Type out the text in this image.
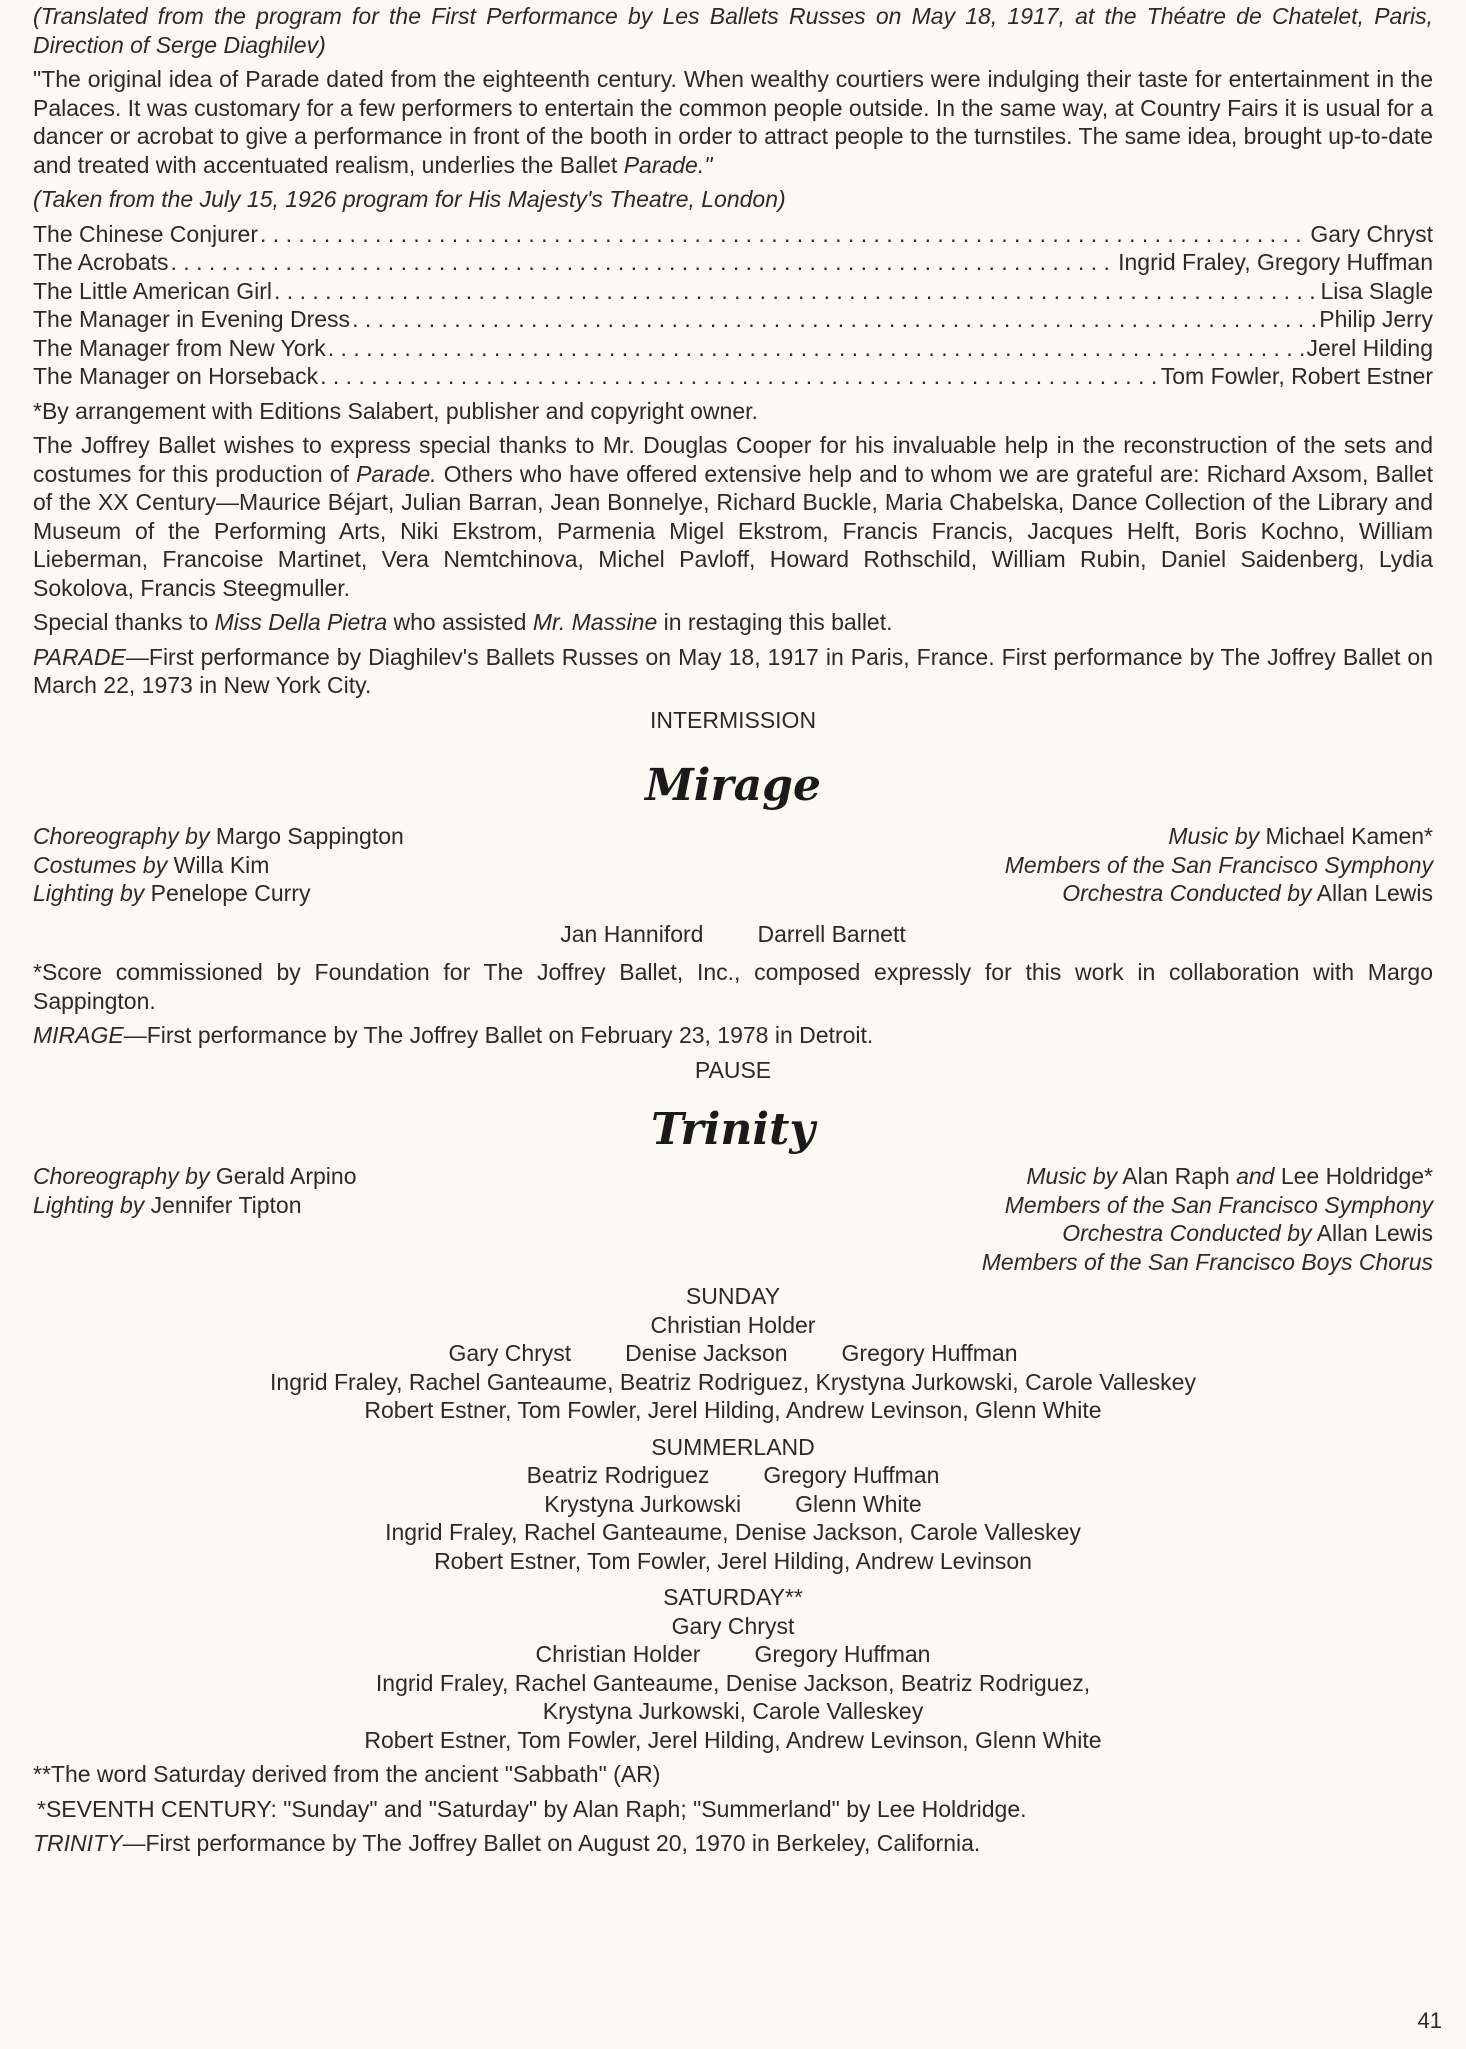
(Translated from the program for the First Performance by Les Ballets Russes on May 18, 1917, at the Théatre de Chatelet, Paris, Direction of Serge Diaghilev)

"The original idea of Parade dated from the eighteenth century. When wealthy courtiers were indulging their taste for entertainment in the Palaces. It was customary for a few performers to entertain the common people outside. In the same way, at Country Fairs it is usual for a dancer or acrobat to give a performance in front of the booth in order to attract people to the turnstiles. The same idea, brought up-to-date and treated with accentuated realism, underlies the Ballet Parade."

(Taken from the July 15, 1926 program for His Majesty's Theatre, London)

The Chinese Conjurer . . .	Gary Chryst
The Acrobats . . .	Ingrid Fraley, Gregory Huffman
The Little American Girl . . .	Lisa Slagle
The Manager in Evening Dress . . .	Philip Jerry
The Manager from New York . . .	Jerel Hilding
The Manager on Horseback . . .	Tom Fowler, Robert Estner

*By arrangement with Editions Salabert, publisher and copyright owner.

The Joffrey Ballet wishes to express special thanks to Mr. Douglas Cooper for his invaluable help in the reconstruction of the sets and costumes for this production of Parade. Others who have offered extensive help and to whom we are grateful are: Richard Axsom, Ballet of the XX Century—Maurice Béjart, Julian Barran, Jean Bonnelye, Richard Buckle, Maria Chabelska, Dance Collection of the Library and Museum of the Performing Arts, Niki Ekstrom, Parmenia Migel Ekstrom, Francis Francis, Jacques Helft, Boris Kochno, William Lieberman, Francoise Martinet, Vera Nemtchinova, Michel Pavloff, Howard Rothschild, William Rubin, Daniel Saidenberg, Lydia Sokolova, Francis Steegmuller.

Special thanks to Miss Della Pietra who assisted Mr. Massine in restaging this ballet.

PARADE—First performance by Diaghilev's Ballets Russes on May 18, 1917 in Paris, France. First performance by The Joffrey Ballet on March 22, 1973 in New York City.

INTERMISSION
Mirage
Choreography by Margo Sappington
Costumes by Willa Kim
Lighting by Penelope Curry
Music by Michael Kamen*
Members of the San Francisco Symphony
Orchestra Conducted by Allan Lewis
Jan Hanniford Darrell Barnett

*Score commissioned by Foundation for The Joffrey Ballet, Inc., composed expressly for this work in collaboration with Margo Sappington.

MIRAGE—First performance by The Joffrey Ballet on February 23, 1978 in Detroit.

PAUSE
Trinity
Choreography by Gerald Arpino
Lighting by Jennifer Tipton
Music by Alan Raph and Lee Holdridge*
Members of the San Francisco Symphony
Orchestra Conducted by Allan Lewis
Members of the San Francisco Boys Chorus
SUNDAY
Christian Holder
Gary Chryst Denise Jackson Gregory Huffman
Ingrid Fraley, Rachel Ganteaume, Beatriz Rodriguez, Krystyna Jurkowski, Carole Valleskey
Robert Estner, Tom Fowler, Jerel Hilding, Andrew Levinson, Glenn White
SUMMERLAND
Beatriz Rodriguez Gregory Huffman
Krystyna Jurkowski Glenn White
Ingrid Fraley, Rachel Ganteaume, Denise Jackson, Carole Valleskey
Robert Estner, Tom Fowler, Jerel Hilding, Andrew Levinson
SATURDAY**
Gary Chryst
Christian Holder Gregory Huffman
Ingrid Fraley, Rachel Ganteaume, Denise Jackson, Beatriz Rodriguez,
Krystyna Jurkowski, Carole Valleskey
Robert Estner, Tom Fowler, Jerel Hilding, Andrew Levinson, Glenn White

**The word Saturday derived from the ancient "Sabbath" (AR)

*SEVENTH CENTURY: "Sunday" and "Saturday" by Alan Raph; "Summerland" by Lee Holdridge.

TRINITY—First performance by The Joffrey Ballet on August 20, 1970 in Berkeley, California.

41
